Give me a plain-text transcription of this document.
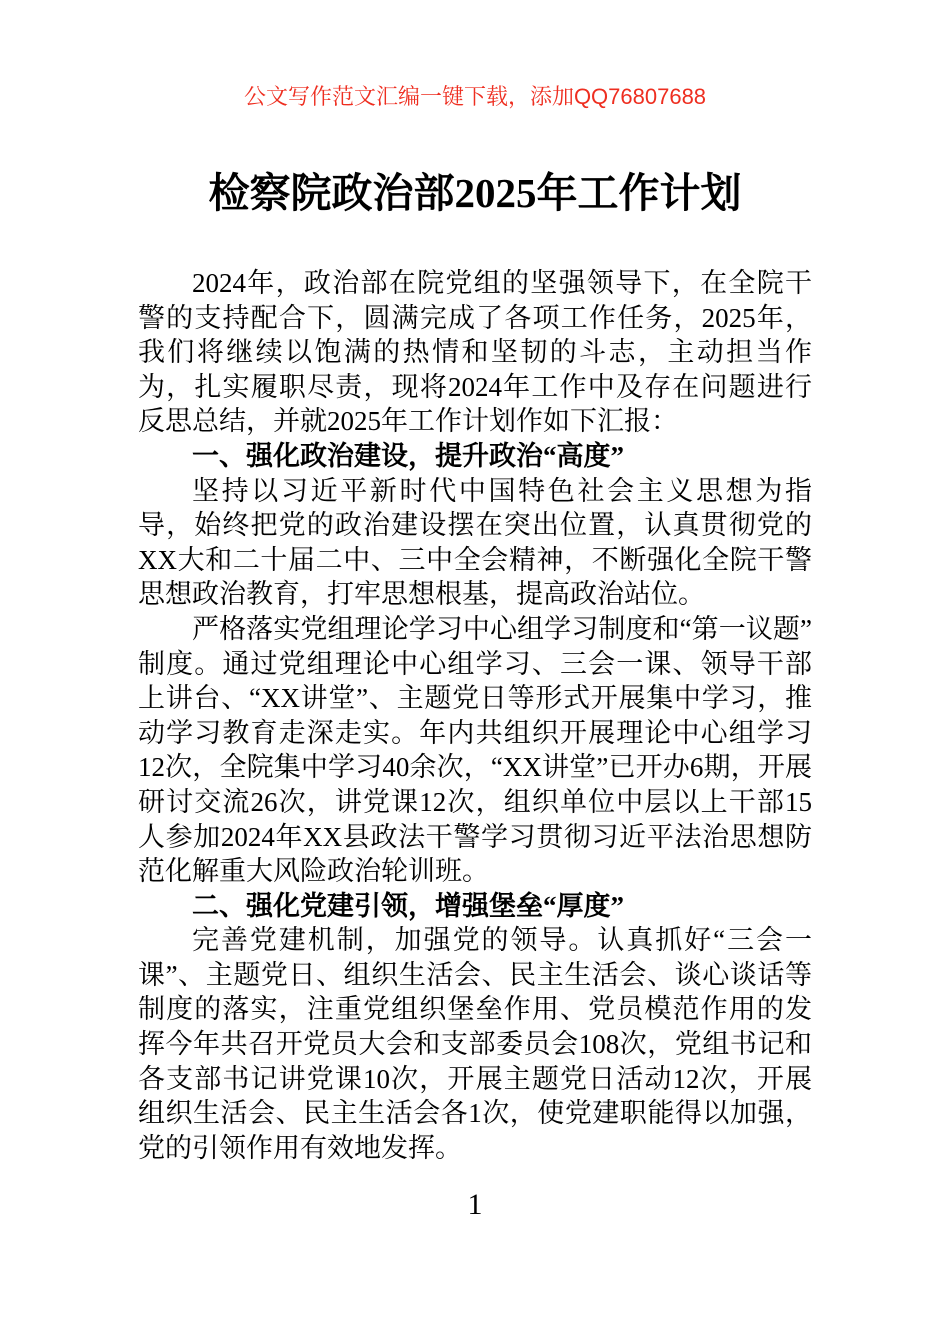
公文写作范文汇编一键下载，添加QQ76807688

检察院政治部2025年工作计划

2024年，政治部在院党组的坚强领导下，在全院干警的支持配合下，圆满完成了各项工作任务，2025年，我们将继续以饱满的热情和坚韧的斗志，主动担当作为，扎实履职尽责，现将2024年工作中及存在问题进行反思总结，并就2025年工作计划作如下汇报：

一、强化政治建设，提升政治“高度”

坚持以习近平新时代中国特色社会主义思想为指导，始终把党的政治建设摆在突出位置，认真贯彻党的XX大和二十届二中、三中全会精神，不断强化全院干警思想政治教育，打牢思想根基，提高政治站位。

严格落实党组理论学习中心组学习制度和“第一议题”制度。通过党组理论中心组学习、三会一课、领导干部上讲台、“XX讲堂”、主题党日等形式开展集中学习，推动学习教育走深走实。年内共组织开展理论中心组学习12次，全院集中学习40余次，“XX讲堂”已开办6期，开展研讨交流26次，讲党课12次，组织单位中层以上干部15人参加2024年XX县政法干警学习贯彻习近平法治思想防范化解重大风险政治轮训班。

二、强化党建引领，增强堡垒“厚度”

完善党建机制，加强党的领导。认真抓好“三会一课”、主题党日、组织生活会、民主生活会、谈心谈话等制度的落实，注重党组织堡垒作用、党员模范作用的发挥今年共召开党员大会和支部委员会108次，党组书记和各支部书记讲党课10次，开展主题党日活动12次，开展组织生活会、民主生活会各1次，使党建职能得以加强，党的引领作用有效地发挥。

1
